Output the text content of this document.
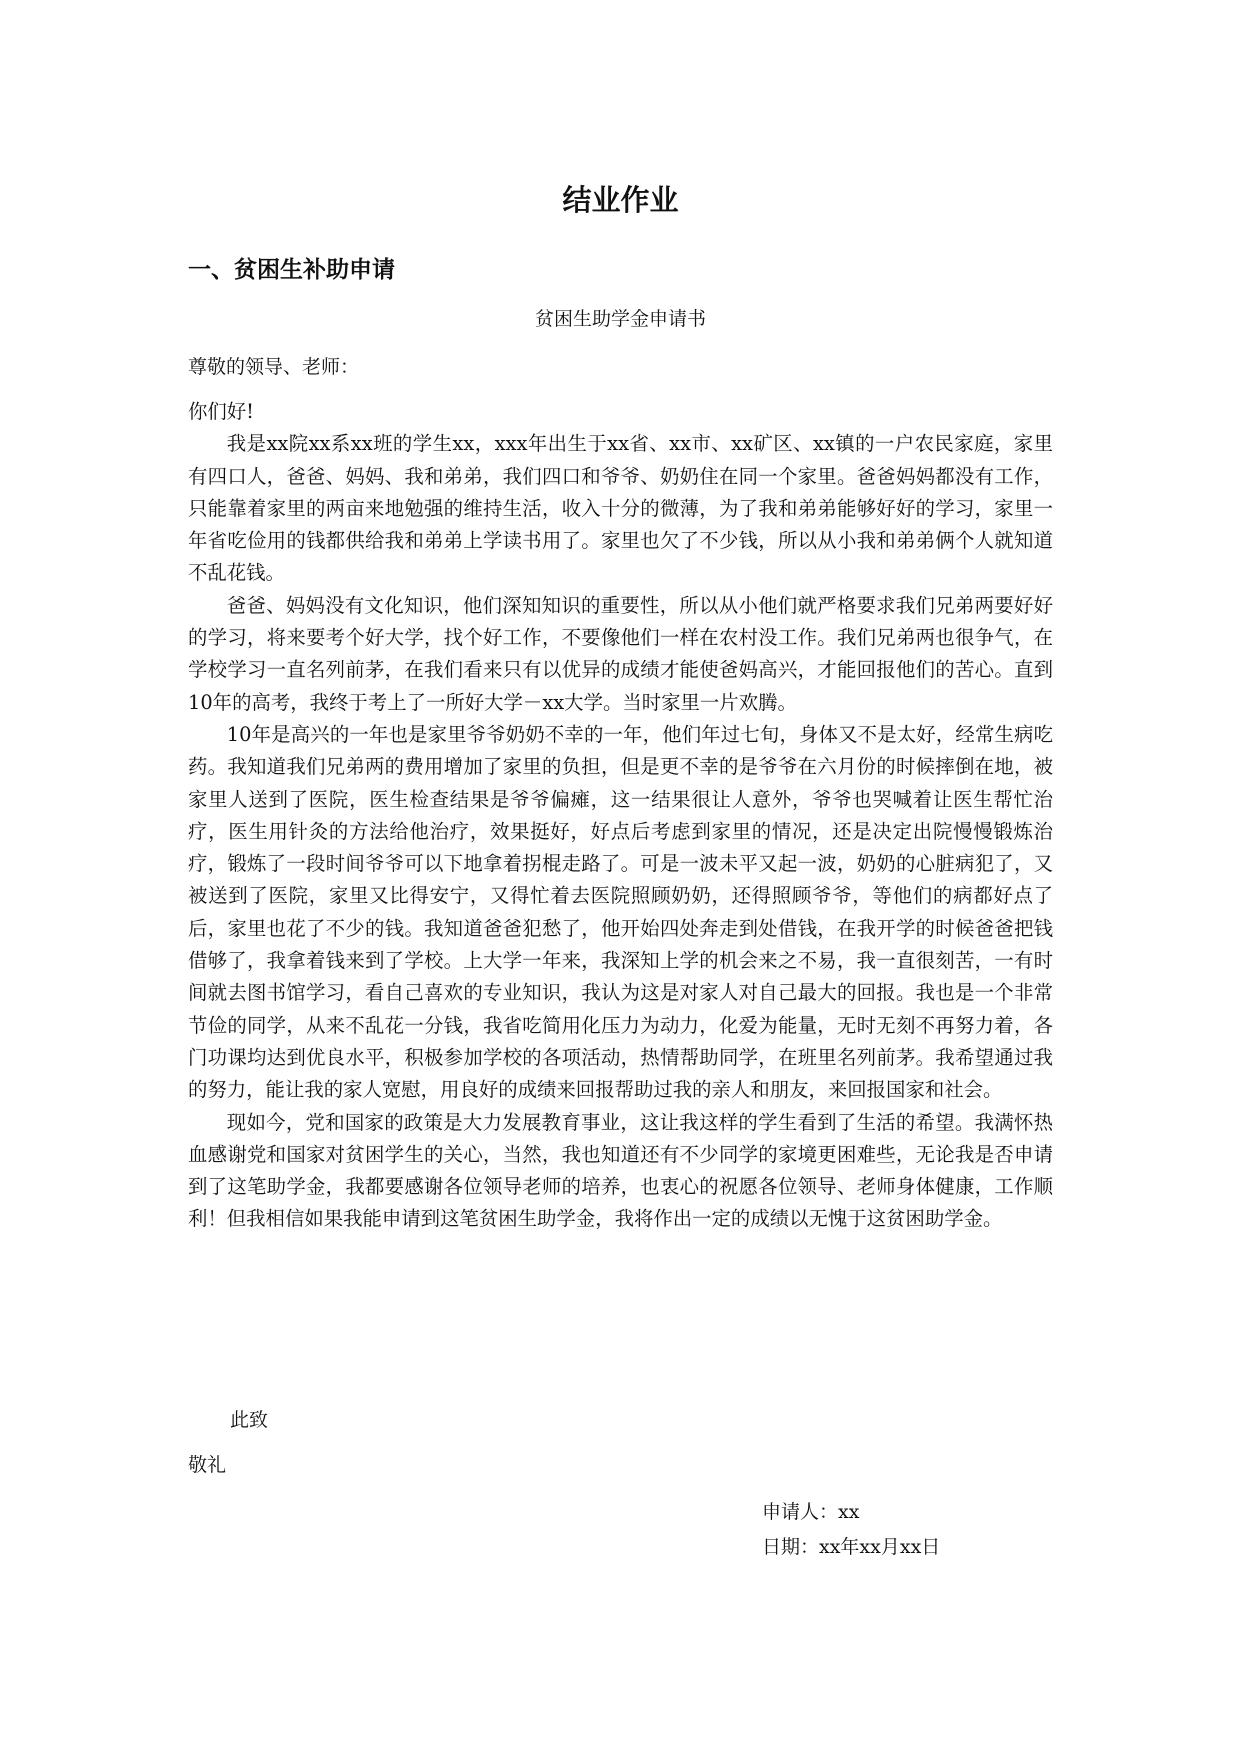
结业作业
一、贫困生补助申请
贫困生助学金申请书
尊敬的领导、老师：

你们好!

我是xx院xx系xx班的学生xx，xxx年出生于xx省、xx市、xx矿区、xx镇的一户农民家庭，家里有四口人，爸爸、妈妈、我和弟弟，我们四口和爷爷、奶奶住在同一个家里。爸爸妈妈都没有工作，只能靠着家里的两亩来地勉强的维持生活，收入十分的微薄，为了我和弟弟能够好好的学习，家里一年省吃俭用的钱都供给我和弟弟上学读书用了。家里也欠了不少钱，所以从小我和弟弟俩个人就知道不乱花钱。

爸爸、妈妈没有文化知识，他们深知知识的重要性，所以从小他们就严格要求我们兄弟两要好好的学习，将来要考个好大学，找个好工作，不要像他们一样在农村没工作。我们兄弟两也很争气，在学校学习一直名列前茅，在我们看来只有以优异的成绩才能使爸妈高兴，才能回报他们的苦心。直到10年的高考，我终于考上了一所好大学－xx大学。当时家里一片欢腾。

10年是高兴的一年也是家里爷爷奶奶不幸的一年，他们年过七旬，身体又不是太好，经常生病吃药。我知道我们兄弟两的费用增加了家里的负担，但是更不幸的是爷爷在六月份的时候摔倒在地，被家里人送到了医院，医生检查结果是爷爷偏瘫，这一结果很让人意外，爷爷也哭喊着让医生帮忙治疗，医生用针灸的方法给他治疗，效果挺好，好点后考虑到家里的情况，还是决定出院慢慢锻炼治疗，锻炼了一段时间爷爷可以下地拿着拐棍走路了。可是一波未平又起一波，奶奶的心脏病犯了，又被送到了医院，家里又比得安宁，又得忙着去医院照顾奶奶，还得照顾爷爷，等他们的病都好点了后，家里也花了不少的钱。我知道爸爸犯愁了，他开始四处奔走到处借钱，在我开学的时候爸爸把钱借够了，我拿着钱来到了学校。上大学一年来，我深知上学的机会来之不易，我一直很刻苦，一有时间就去图书馆学习，看自己喜欢的专业知识，我认为这是对家人对自己最大的回报。我也是一个非常节俭的同学，从来不乱花一分钱，我省吃简用化压力为动力，化爱为能量，无时无刻不再努力着，各门功课均达到优良水平，积极参加学校的各项活动，热情帮助同学，在班里名列前茅。我希望通过我的努力，能让我的家人宽慰，用良好的成绩来回报帮助过我的亲人和朋友，来回报国家和社会。

现如今，党和国家的政策是大力发展教育事业，这让我这样的学生看到了生活的希望。我满怀热血感谢党和国家对贫困学生的关心，当然，我也知道还有不少同学的家境更困难些，无论我是否申请到了这笔助学金，我都要感谢各位领导老师的培养，也衷心的祝愿各位领导、老师身体健康，工作顺利！但我相信如果我能申请到这笔贫困生助学金，我将作出一定的成绩以无愧于这贫困助学金。

此致
敬礼
申请人：xx
日期：xx年xx月xx日
